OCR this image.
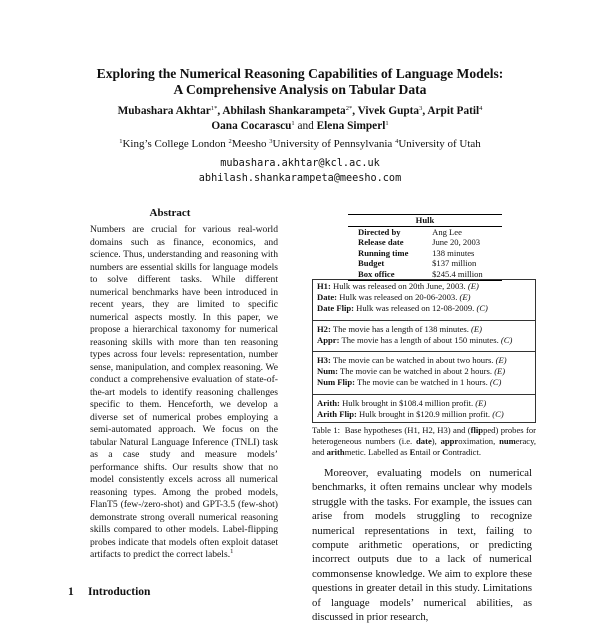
Exploring the Numerical Reasoning Capabilities of Language Models:
A Comprehensive Analysis on Tabular Data
Mubashara Akhtar$^{1*}$, Abhilash Shankarampeta$^{2*}$, Vivek Gupta$^3$, Arpit Patil$^4$
Oana Cocarascu$^1$ and Elena Simperl$^1$
$^1$King’s College London $^2$Meesho $^3$University of Pennsylvania $^4$University of Utah
mubashara.akhtar@kcl.ac.uk
abhilash.shankarampeta@meesho.com
Abstract

Numbers are crucial for various real-world domains such as finance, economics, and science. Thus, understanding and reasoning with numbers are essential skills for language models to solve different tasks. While different numerical benchmarks have been introduced in recent years, they are limited to specific numerical aspects mostly. In this paper, we propose a hierarchical taxonomy for numerical reasoning skills with more than ten reasoning types across four levels: representation, number sense, manipulation, and complex reasoning. We conduct a comprehensive evaluation of state-of-the-art models to identify reasoning challenges specific to them. Henceforth, we develop a diverse set of numerical probes employing a semi-automated approach. We focus on the tabular Natural Language Inference (TNLI) task as a case study and measure models’ performance shifts. Our results show that no model consistently excels across all numerical reasoning types. Among the probed models, FlanT5 (few-/zero-shot) and GPT-3.5 (few-shot) demonstrate strong overall numerical reasoning skills compared to other models. Label-flipping probes indicate that models often exploit dataset artifacts to predict the correct labels.$^1$

1 Introduction
Hulk	
Directed by	Ang Lee
Release date	June 20, 2003
Running time	138 minutes
Budget	$137 million
Box office	$245.4 million
H1: Hulk was released on 20th June, 2003. (E)
Date: Hulk was released on 20-06-2003. (E)
Date Flip: Hulk was released on 12-08-2009. (C)
H2: The movie has a length of 138 minutes. (E)
Appr: The movie has a length of about 150 minutes. (C)
H3: The movie can be watched in about two hours. (E)
Num: The movie can be watched in about 2 hours. (E)
Num Flip: The movie can be watched in 1 hours. (C)
Arith: Hulk brought in $108.4 million profit. (E)
Arith Flip: Hulk brought in $120.9 million profit. (C)

Table 1: Base hypotheses (H1, H2, H3) and (flipped) probes for heterogeneous numbers (i.e. date), approximation, numeracy, and arithmetic. Labelled as Entail or Contradict.

Moreover, evaluating models on numerical benchmarks, it often remains unclear why models struggle with the tasks. For example, the issues can arise from models struggling to recognize numerical representations in text, failing to compute arithmetic operations, or predicting incorrect outputs due to a lack of numerical commonsense knowledge. We aim to explore these questions in greater detail in this study. Limitations of language models’ numerical abilities, as discussed in prior research,
